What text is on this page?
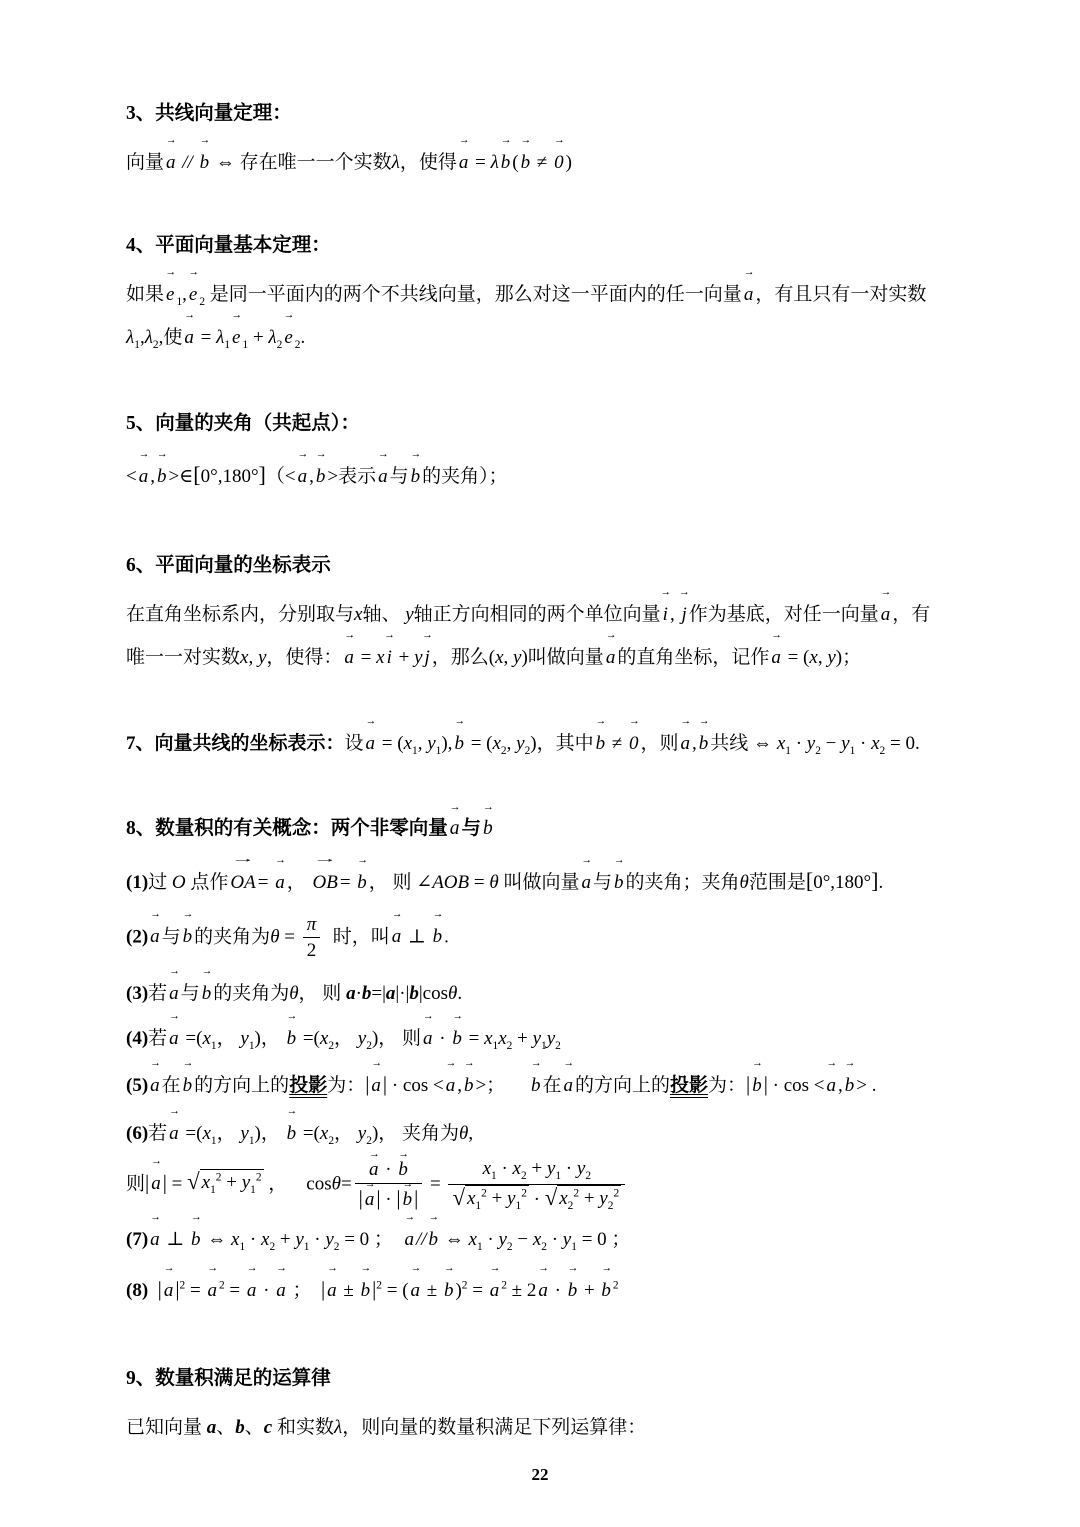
3、共线向量定理：

向量 a → // b → ⇔ 存在唯一一个实数λ，使得 a → = λ b → ( b → ≠ 0 → )

4、平面向量基本定理：

如果 e → $_1$, e → $_2$ 是同一平面内的两个不共线向量，那么对这一平面内的任一向量 a → ，有且只有一对实数

$\lambda_1,\lambda_2$,使 a → = $\lambda_1$ $e \to _1 + \lambda_2$ e → $_2$.

5、向量的夹角（共起点）：

< a → , b → >∈[0°,180°]（< a → , b → >表示 a → 与 b → 的夹角）；

6、平面向量的坐标表示

在直角坐标系内，分别取与x轴、 y轴正方向相同的两个单位向量 i → , j → 作为基底，对任一向量 a → ，有

唯一一对实数x, y，使得： a → = x i → + y j → ，那么(x, y)叫做向量 a → 的直角坐标，记作 a → = (x, y)；

7、向量共线的坐标表示：设 a → = ($x_1$, $y_1$), b → = ($x_2$, $y_2$)，其中 b → ≠ 0 → ，则 a → , b → 共线 ⇔ $x_1 \cdot y_2 - y_1 \cdot x_2 = 0$.

8、数量积的有关概念：两个非零向量 a → 与 b →

(1)过 O 点作 OA → = a → ， OB → = b → ， 则 ∠AOB = θ 叫做向量 a → 与 b → 的夹角；夹角θ范围是[0°,180°].

(2) a → 与 b → 的夹角为$\theta = \frac{\pi}{2}$ 时，叫 a → ⊥ b → .

(3)若 a → 与 b → 的夹角为θ， 则 a·b=|a|·|b|cosθ.

(4)若 $a \to =(x_1$， $y_1$)， $b \to =(x_2$， $y_2$)， 则 a → · b → = $x_1x_2 + y_1y_2$

(5) a → 在 b → 的方向上的投影为：| a →| · cos < a → , b → >；     b → 在 a → 的方向上的投影为：| b →| · cos < a → , b → > .

(6)若 $a \to =(x_1$， $y_1$)， $b \to =(x_2$， $y_2$)， 夹角为θ,

则| a →| = √ $x_1^2 + y_1^2$ ，    $\cos\theta= \frac{a \to \cdot b \to}{| a \to| \cdot | b \to|} = \frac{x_1 \cdot x_2 + y_1 \cdot y_2}{√ x_1^2 + y_1^2 \cdot √ x_2^2 + y_2^2}$

(7) a → ⊥ b → ⇔ $x_1 \cdot x_2 + y_1 \cdot y_2 = 0$ ；  a → // b → ⇔ $x_1 \cdot y_2 - x_2 \cdot y_1 = 0$ ；

(8) | $a \to|^2 = a \to ^2 = a$ → · a → ；  | a → ± $b \to|^2$ = ( a → ± b → )$^2$ = a → $^2$ ± 2 a → · b → + b → $^2$

9、数量积满足的运算律

已知向量 a、b、c 和实数λ，则向量的数量积满足下列运算律：

22
